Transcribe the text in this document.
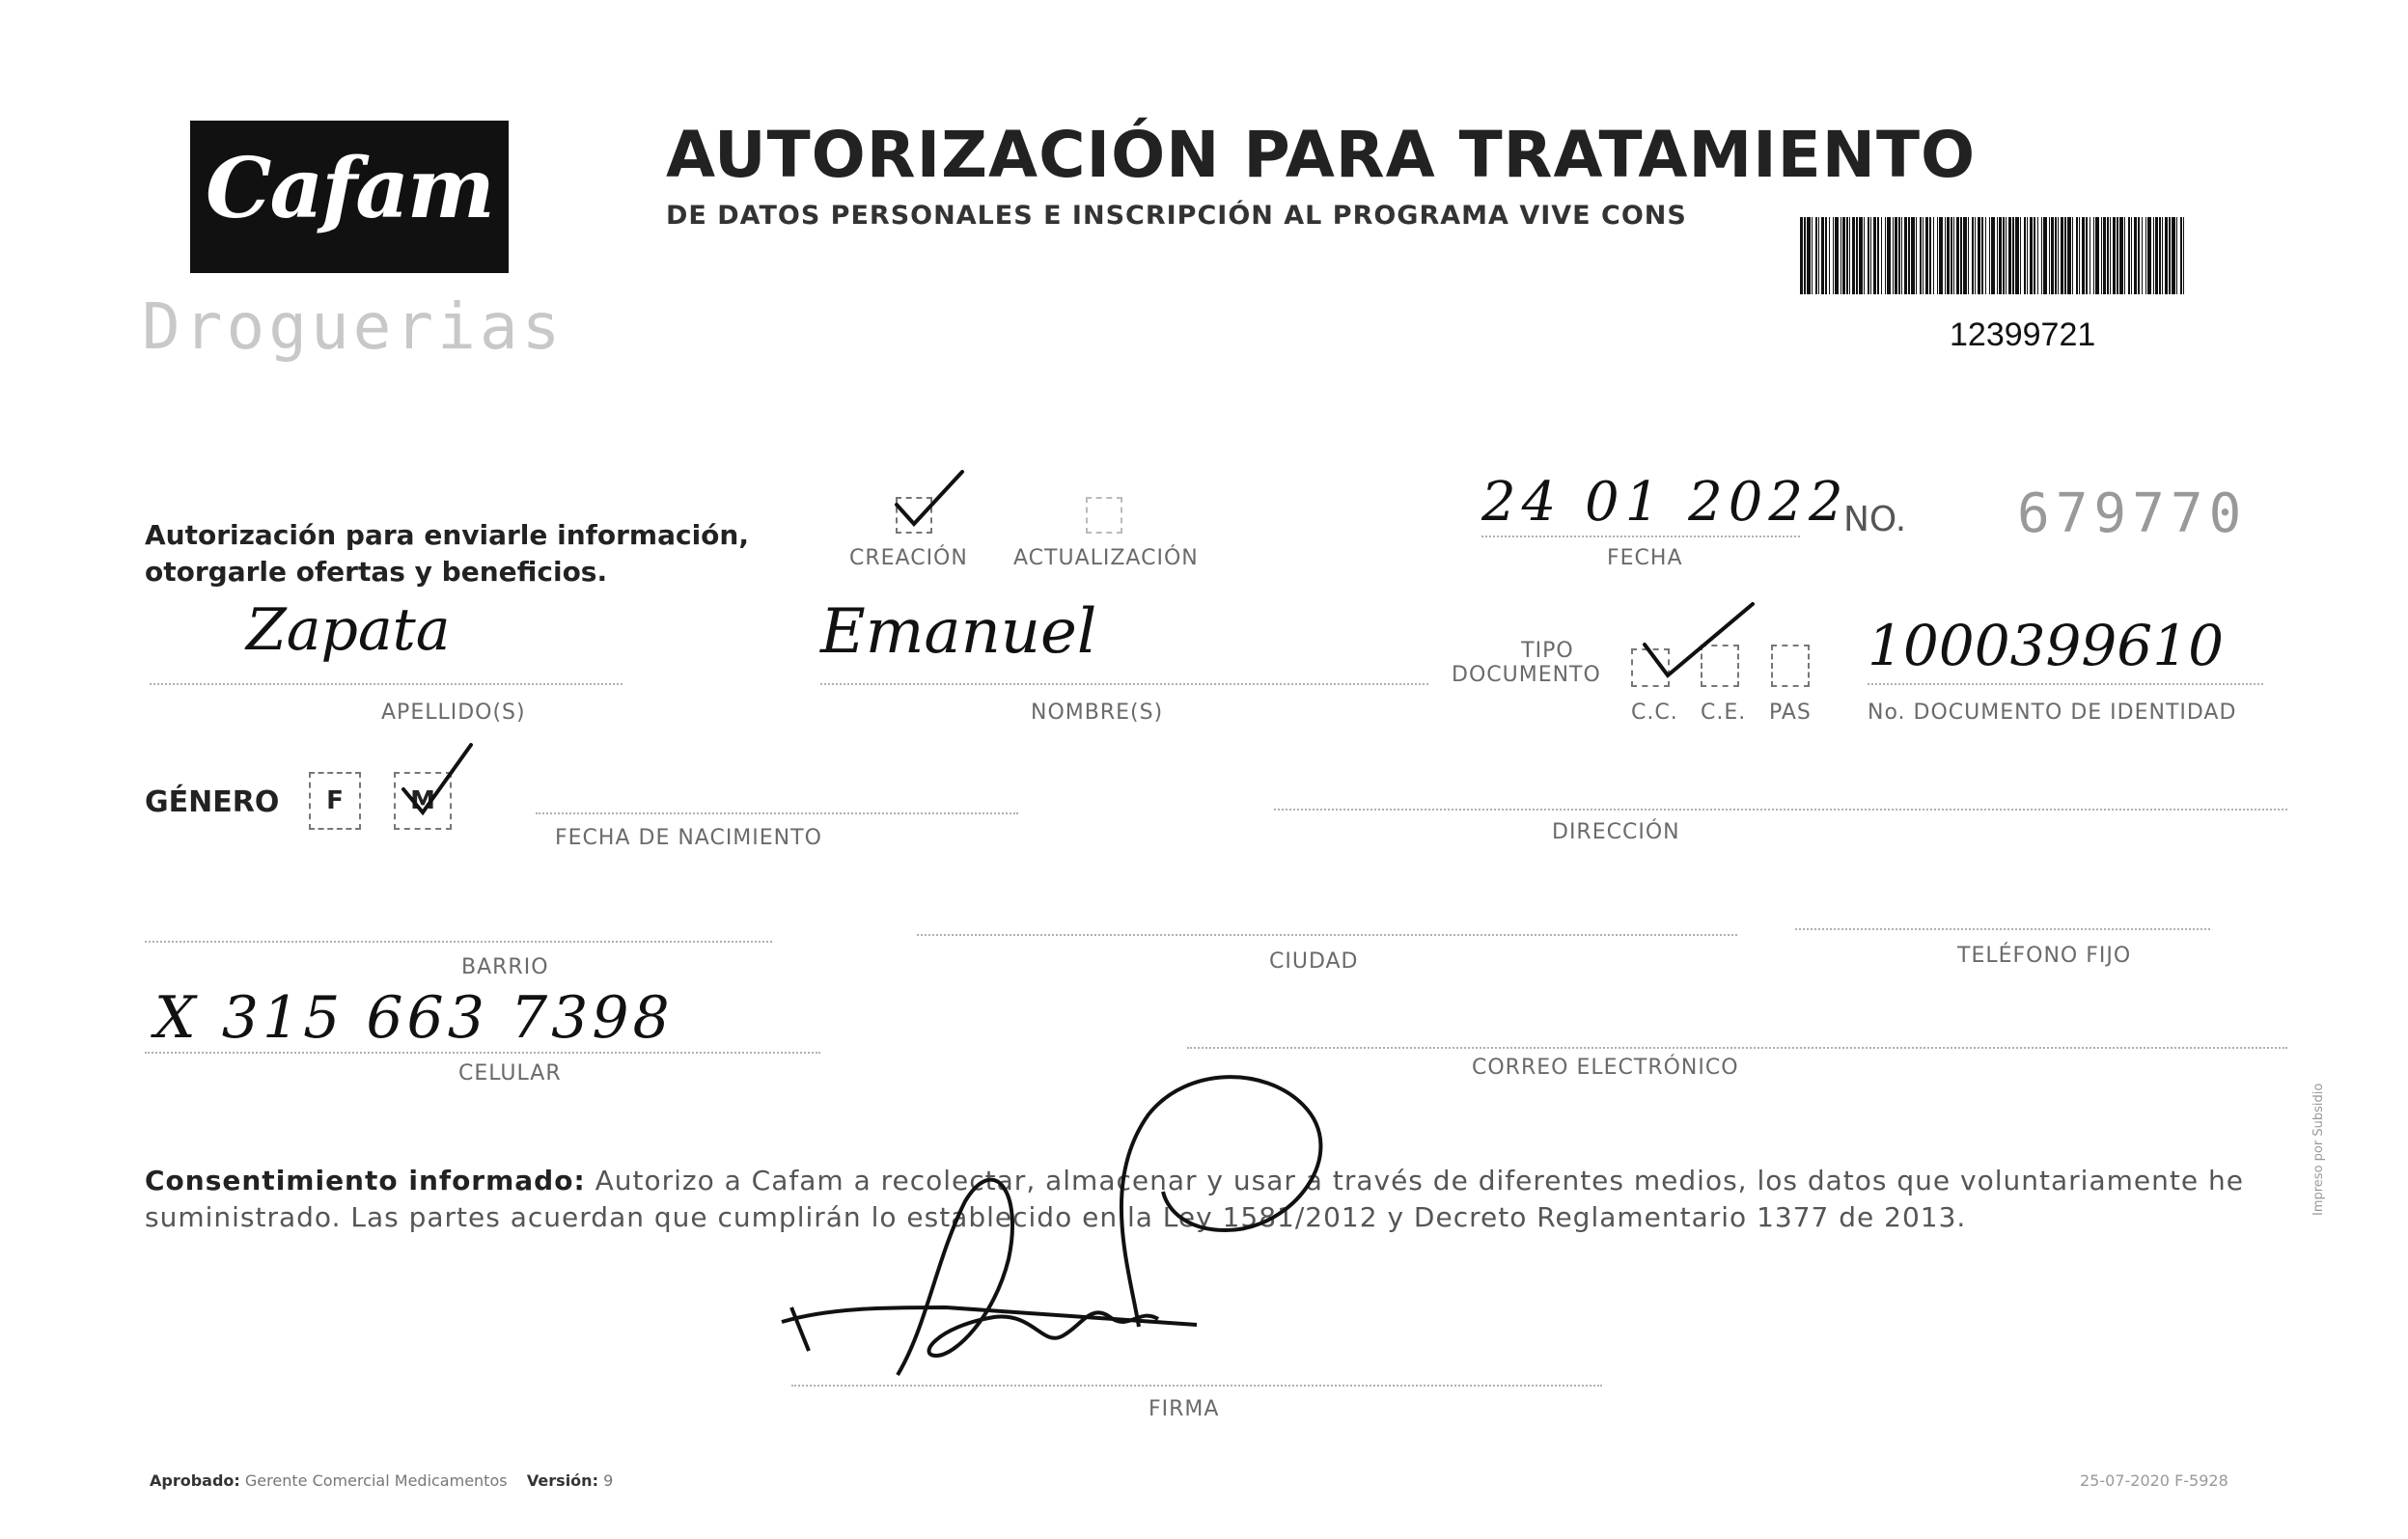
Cafam
Droguerias
AUTORIZACIÓN PARA TRATAMIENTO
DE DATOS PERSONALES E INSCRIPCIÓN AL PROGRAMA VIVE CONS
12399721
Autorización para enviarle información,
otorgarle ofertas y beneficios.	CREACIÓN ACTUALIZACIÓN
24 01 2022
FECHA
NO. 679770
Zapata
APELLIDO(S)
Emanuel
NOMBRE(S)
TIPO
DOCUMENTO
C.C. C.E. PAS
1000399610
No. DOCUMENTO DE IDENTIDAD
GÉNERO	F	M
FECHA DE NACIMIENTO	DIRECCIÓN
BARRIO	CIUDAD	TELÉFONO FIJO
X 315 663 7398
CELULAR	CORREO ELECTRÓNICO
Consentimiento informado: Autorizo a Cafam a recolectar, almacenar y usar a través de diferentes medios, los datos que voluntariamente he suministrado. Las partes acuerdan que cumplirán lo establecido en la Ley 1581/2012 y Decreto Reglamentario 1377 de 2013.
FIRMA
Aprobado: Gerente Comercial Medicamentos Versión: 9	25-07-2020 F-5928
Impreso por Subsidio
